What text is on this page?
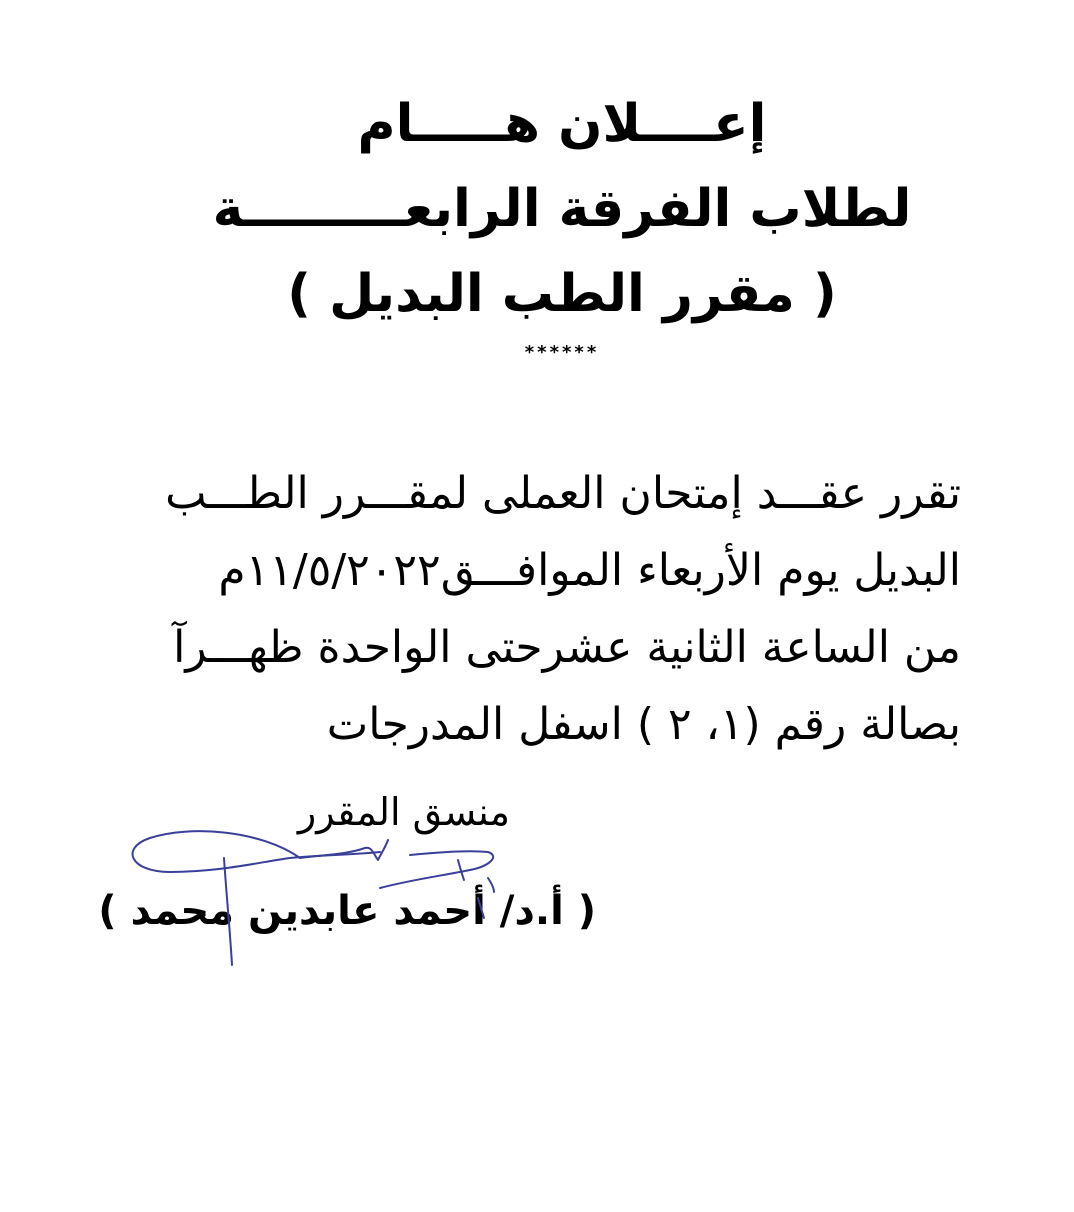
إعــــلان هـــــام
لطلاب الفرقة الرابعـــــــــة
( مقرر الطب البديل )
******
تقرر عقـــد إمتحان العملى لمقـــرر الطـــب
البديل يوم الأربعاء الموافـــق١١/٥/٢٠٢٢م
من الساعة الثانية عشرحتى الواحدة ظهـــرآ
بصالة رقم (١، ٢ ) اسفل المدرجات
منسق المقرر
( أ.د/ أحمد عابدين محمد )
